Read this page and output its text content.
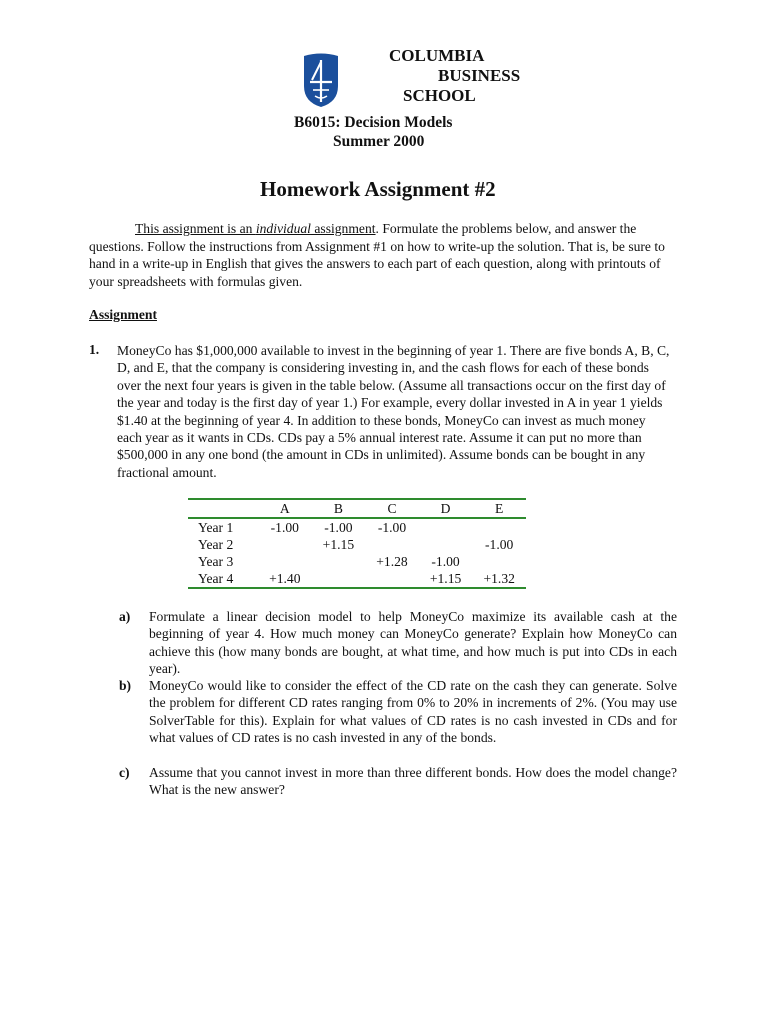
COLUMBIA
BUSINESS
SCHOOL
B6015: Decision Models
Summer 2000
Homework Assignment #2
This assignment is an individual assignment. Formulate the problems below, and answer the questions. Follow the instructions from Assignment #1 on how to write-up the solution. That is, be sure to hand in a write-up in English that gives the answers to each part of each question, along with printouts of your spreadsheets with formulas given.
Assignment
1. MoneyCo has $1,000,000 available to invest in the beginning of year 1. There are five bonds A, B, C, D, and E, that the company is considering investing in, and the cash flows for each of these bonds over the next four years is given in the table below. (Assume all transactions occur on the first day of the year and today is the first day of year 1.) For example, every dollar invested in A in year 1 yields $1.40 at the beginning of year 4. In addition to these bonds, MoneyCo can invest as much money each year as it wants in CDs. CDs pay a 5% annual interest rate. Assume it can put no more than $500,000 in any one bond (the amount in CDs in unlimited). Assume bonds can be bought in any fractional amount.
	A	B	C	D	E
Year 1	-1.00	-1.00	-1.00		
Year 2		+1.15			-1.00
Year 3			+1.28	-1.00	
Year 4	+1.40			+1.15	+1.32
a) Formulate a linear decision model to help MoneyCo maximize its available cash at the beginning of year 4. How much money can MoneyCo generate? Explain how MoneyCo can achieve this (how many bonds are bought, at what time, and how much is put into CDs in each year).
b) MoneyCo would like to consider the effect of the CD rate on the cash they can generate. Solve the problem for different CD rates ranging from 0% to 20% in increments of 2%. (You may use SolverTable for this). Explain for what values of CD rates is no cash invested in CDs and for what values of CD rates is no cash invested in any of the bonds.
c) Assume that you cannot invest in more than three different bonds. How does the model change? What is the new answer?
